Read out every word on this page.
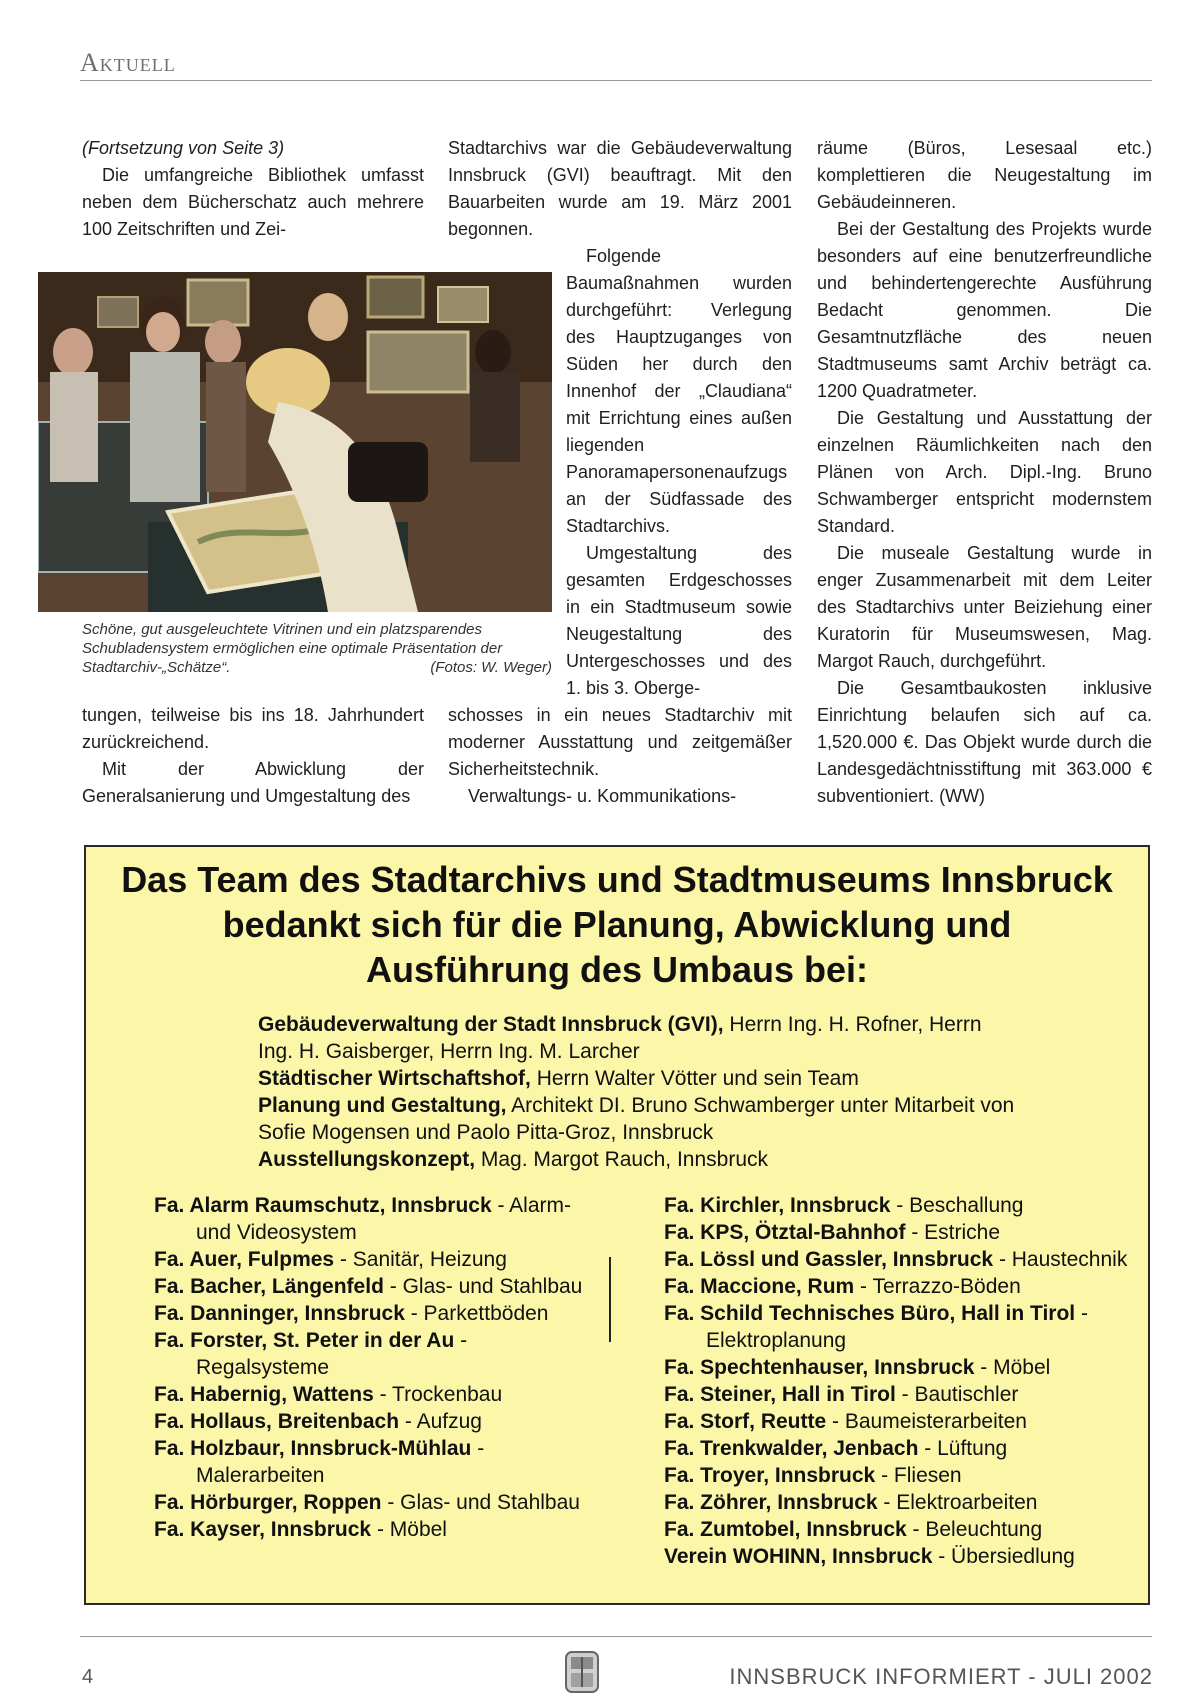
Aktuell

(Fortsetzung von Seite 3)

Die umfangreiche Bibliothek umfasst neben dem Bücherschatz auch mehrere 100 Zeitschriften und Zei-

Schöne, gut ausgeleuchtete Vitrinen und ein platzsparendes Schubladensystem ermöglichen eine optimale Präsentation der Stadtarchiv-„Schätze“.	(Fotos: W. Weger)

tungen, teilweise bis ins 18. Jahrhundert zurückreichend.

Mit der Abwicklung der Generalsanierung und Umgestaltung des

Stadtarchivs war die Gebäudeverwaltung Innsbruck (GVI) beauftragt. Mit den Bauarbeiten wurde am 19. März 2001 begonnen.

Folgende Baumaßnahmen wurden durchgeführt: Verlegung des Hauptzuganges von Süden her durch den Innenhof der „Claudiana“ mit Errichtung eines außen liegenden Panoramapersonenaufzugs an der Südfassade des Stadtarchivs.

Umgestaltung des gesamten Erdgeschosses in ein Stadtmuseum sowie Neugestaltung des Untergeschosses und des 1. bis 3. Oberge-

schosses in ein neues Stadtarchiv mit moderner Ausstattung und zeitgemäßer Sicherheitstechnik.

Verwaltungs- u. Kommunikations-

räume (Büros, Lesesaal etc.) komplettieren die Neugestaltung im Gebäudeinneren.

Bei der Gestaltung des Projekts wurde besonders auf eine benutzerfreundliche und behindertengerechte Ausführung Bedacht genommen. Die Gesamtnutzfläche des neuen Stadtmuseums samt Archiv beträgt ca. 1200 Quadratmeter.

Die Gestaltung und Ausstattung der einzelnen Räumlichkeiten nach den Plänen von Arch. Dipl.-Ing. Bruno Schwamberger entspricht modernstem Standard.

Die museale Gestaltung wurde in enger Zusammenarbeit mit dem Leiter des Stadtarchivs unter Beiziehung einer Kuratorin für Museumswesen, Mag. Margot Rauch, durchgeführt.

Die Gesamtbaukosten inklusive Einrichtung belaufen sich auf ca. 1,520.000 €. Das Objekt wurde durch die Landesgedächtnisstiftung mit 363.000 € subventioniert. (WW)

Das Team des Stadtarchivs und Stadtmuseums Innsbruck
bedankt sich für die Planung, Abwicklung und
Ausführung des Umbaus bei:

Gebäudeverwaltung der Stadt Innsbruck (GVI), Herrn Ing. H. Rofner, Herrn Ing. H. Gaisberger, Herrn Ing. M. Larcher

Städtischer Wirtschaftshof, Herrn Walter Vötter und sein Team

Planung und Gestaltung, Architekt DI. Bruno Schwamberger unter Mitarbeit von Sofie Mogensen und Paolo Pitta-Groz, Innsbruck

Ausstellungskonzept, Mag. Margot Rauch, Innsbruck

Fa. Alarm Raumschutz, Innsbruck - Alarm- und Videosystem

Fa. Auer, Fulpmes - Sanitär, Heizung

Fa. Bacher, Längenfeld - Glas- und Stahlbau

Fa. Danninger, Innsbruck - Parkettböden

Fa. Forster, St. Peter in der Au - Regalsysteme

Fa. Habernig, Wattens - Trockenbau

Fa. Hollaus, Breitenbach - Aufzug

Fa. Holzbaur, Innsbruck-Mühlau - Malerarbeiten

Fa. Hörburger, Roppen - Glas- und Stahlbau

Fa. Kayser, Innsbruck - Möbel

Fa. Kirchler, Innsbruck - Beschallung

Fa. KPS, Ötztal-Bahnhof - Estriche

Fa. Lössl und Gassler, Innsbruck - Haustechnik

Fa. Maccione, Rum - Terrazzo-Böden

Fa. Schild Technisches Büro, Hall in Tirol - Elektroplanung

Fa. Spechtenhauser, Innsbruck - Möbel

Fa. Steiner, Hall in Tirol - Bautischler

Fa. Storf, Reutte - Baumeisterarbeiten

Fa. Trenkwalder, Jenbach - Lüftung

Fa. Troyer, Innsbruck - Fliesen

Fa. Zöhrer, Innsbruck - Elektroarbeiten

Fa. Zumtobel, Innsbruck - Beleuchtung

Verein WOHINN, Innsbruck - Übersiedlung

4	INNSBRUCK INFORMIERT - JULI 2002
